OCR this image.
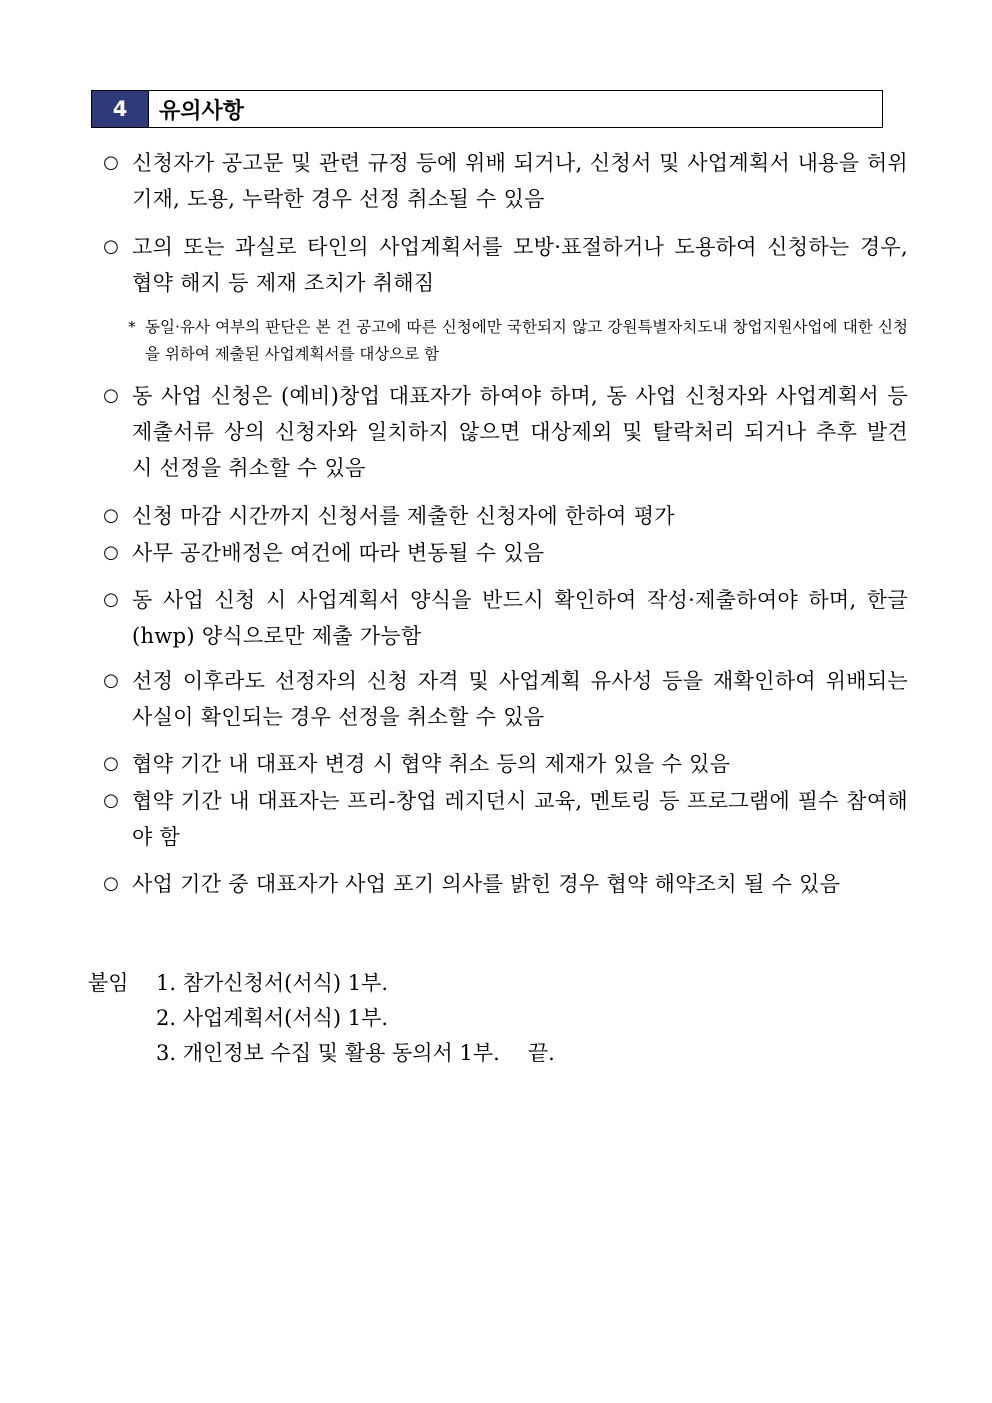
4	유의사항
○ 신청자가 공고문 및 관련 규정 등에 위배 되거나, 신청서 및 사업계획서 내용을 허위 기재, 도용, 누락한 경우 선정 취소될 수 있음
○ 고의 또는 과실로 타인의 사업계획서를 모방·표절하거나 도용하여 신청하는 경우, 협약 해지 등 제재 조치가 취해짐
* 동일·유사 여부의 판단은 본 건 공고에 따른 신청에만 국한되지 않고 강원특별자치도내 창업지원사업에 대한 신청을 위하여 제출된 사업계획서를 대상으로 함
○ 동 사업 신청은 (예비)창업 대표자가 하여야 하며, 동 사업 신청자와 사업계획서 등 제출서류 상의 신청자와 일치하지 않으면 대상제외 및 탈락처리 되거나 추후 발견 시 선정을 취소할 수 있음
○ 신청 마감 시간까지 신청서를 제출한 신청자에 한하여 평가
○ 사무 공간배정은 여건에 따라 변동될 수 있음
○ 동 사업 신청 시 사업계획서 양식을 반드시 확인하여 작성·제출하여야 하며, 한글(hwp) 양식으로만 제출 가능함
○ 선정 이후라도 선정자의 신청 자격 및 사업계획 유사성 등을 재확인하여 위배되는 사실이 확인되는 경우 선정을 취소할 수 있음
○ 협약 기간 내 대표자 변경 시 협약 취소 등의 제재가 있을 수 있음
○ 협약 기간 내 대표자는 프리-창업 레지던시 교육, 멘토링 등 프로그램에 필수 참여해야 함
○ 사업 기간 중 대표자가 사업 포기 의사를 밝힌 경우 협약 해약조치 될 수 있음
붙임	1. 참가신청서(서식) 1부.
2. 사업계획서(서식) 1부.
3. 개인정보 수집 및 활용 동의서 1부. 끝.
